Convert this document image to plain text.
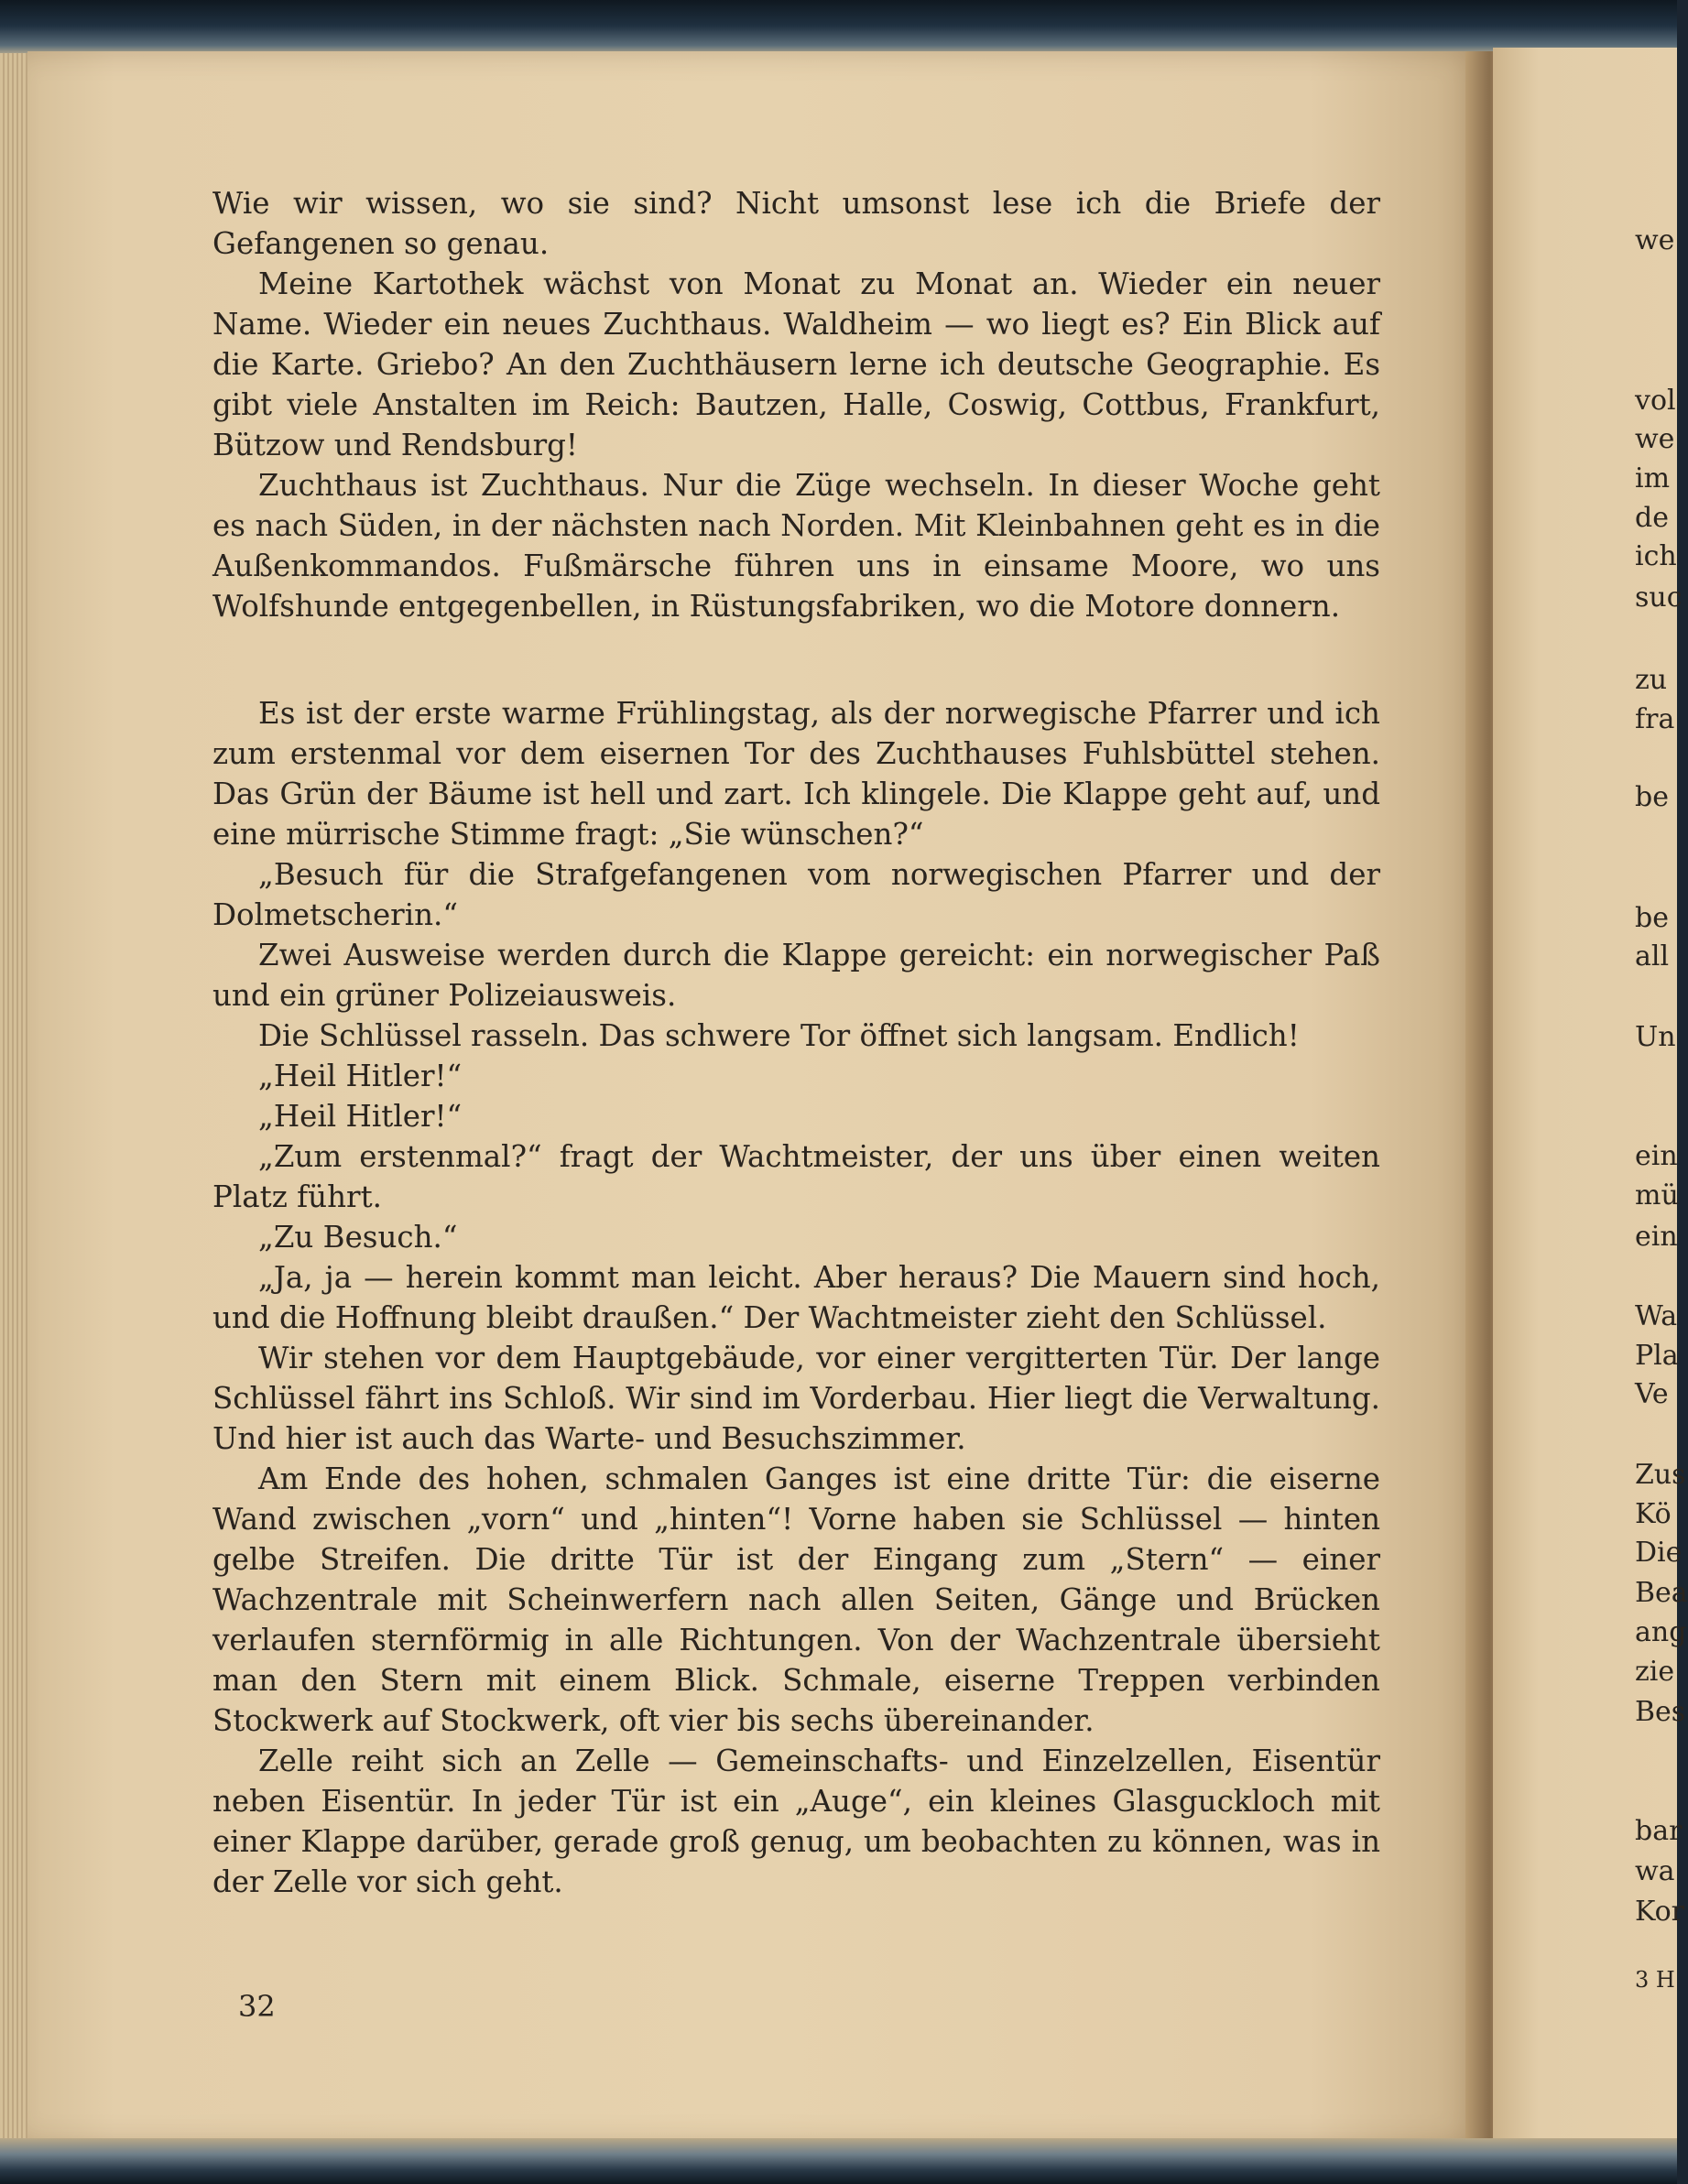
Wie wir wissen, wo sie sind? Nicht umsonst lese ich die Briefe der Gefangenen so genau.

Meine Kartothek wächst von Monat zu Monat an. Wieder ein neuer Name. Wieder ein neues Zuchthaus. Waldheim — wo liegt es? Ein Blick auf die Karte. Griebo? An den Zuchthäusern lerne ich deutsche Geographie. Es gibt viele Anstalten im Reich: Bautzen, Halle, Coswig, Cottbus, Frankfurt, Bützow und Rendsburg!

Zuchthaus ist Zuchthaus. Nur die Züge wechseln. In dieser Woche geht es nach Süden, in der nächsten nach Norden. Mit Kleinbahnen geht es in die Außenkommandos. Fußmärsche führen uns in einsame Moore, wo uns Wolfshunde entgegenbellen, in Rüstungsfabriken, wo die Motore donnern.

Es ist der erste warme Frühlingstag, als der norwegische Pfarrer und ich zum erstenmal vor dem eisernen Tor des Zuchthauses Fuhlsbüttel stehen. Das Grün der Bäume ist hell und zart. Ich klingele. Die Klappe geht auf, und eine mürrische Stimme fragt: „Sie wünschen?“

„Besuch für die Strafgefangenen vom norwegischen Pfarrer und der Dolmetscherin.“

Zwei Ausweise werden durch die Klappe gereicht: ein norwegischer Paß und ein grüner Polizeiausweis.

Die Schlüssel rasseln. Das schwere Tor öffnet sich langsam. Endlich!

„Heil Hitler!“

„Heil Hitler!“

„Zum erstenmal?“ fragt der Wachtmeister, der uns über einen weiten Platz führt.

„Zu Besuch.“

„Ja, ja — herein kommt man leicht. Aber heraus? Die Mauern sind hoch, und die Hoffnung bleibt draußen.“ Der Wachtmeister zieht den Schlüssel.

Wir stehen vor dem Hauptgebäude, vor einer vergitterten Tür. Der lange Schlüssel fährt ins Schloß. Wir sind im Vorderbau. Hier liegt die Verwaltung. Und hier ist auch das Warte- und Besuchszimmer.

Am Ende des hohen, schmalen Ganges ist eine dritte Tür: die eiserne Wand zwischen „vorn“ und „hinten“! Vorne haben sie Schlüssel — hinten gelbe Streifen. Die dritte Tür ist der Eingang zum „Stern“ — einer Wachzentrale mit Scheinwerfern nach allen Seiten, Gänge und Brücken verlaufen sternförmig in alle Richtungen. Von der Wachzentrale übersieht man den Stern mit einem Blick. Schmale, eiserne Treppen verbinden Stockwerk auf Stockwerk, oft vier bis sechs übereinander.

Zelle reiht sich an Zelle — Gemeinschafts- und Einzelzellen, Eisentür neben Eisentür. In jeder Tür ist ein „Auge“, ein kleines Glasguckloch mit einer Klappe darüber, gerade groß genug, um beobachten zu können, was in der Zelle vor sich geht.

32
we
vol
we
im
de
ich
suc
zu
fra
be
be
all
Un
ein
mü
ein
Wa
Pla
Ve
Zus
Kö
Die
Bea
ang
zie
Bes
bar
wa
Kor
3 H
